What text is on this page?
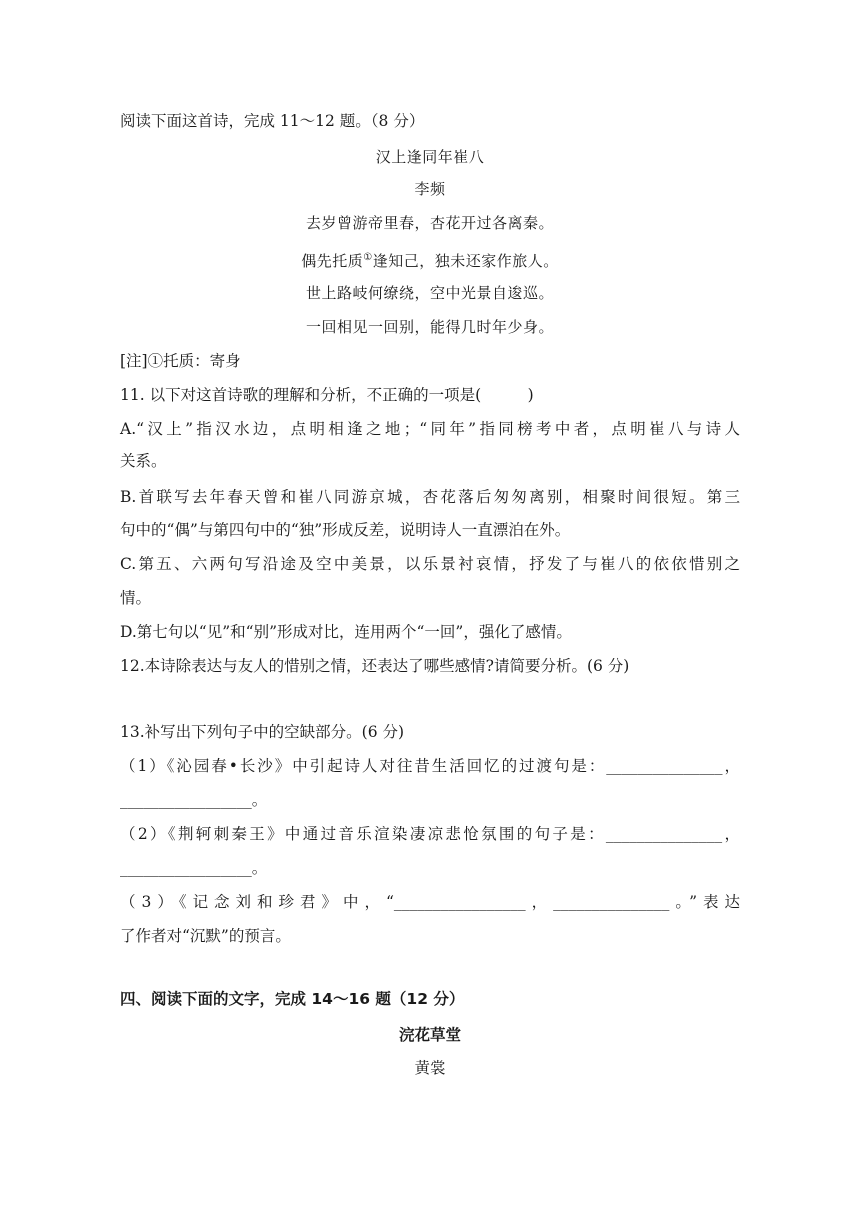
阅读下面这首诗，完成 11～12 题。（8 分）
汉上逢同年崔八
李频
去岁曾游帝里春，杏花开过各离秦。
偶先托质①逢知己，独未还家作旅人。
世上路岐何缭绕，空中光景自逡巡。
一回相见一回别，能得几时年少身。
[注]①托质：寄身
11. 以下对这首诗歌的理解和分析，不正确的一项是(　　　)
A.“汉上”指汉水边，点明相逢之地；“同年”指同榜考中者，点明崔八与诗人
关系。
B.首联写去年春天曾和崔八同游京城，杏花落后匆匆离别，相聚时间很短。第三
句中的“偶”与第四句中的“独”形成反差，说明诗人一直漂泊在外。
C.第五、六两句写沿途及空中美景，以乐景衬哀情，抒发了与崔八的依依惜别之
情。
D.第七句以“见”和“别”形成对比，连用两个“一回”，强化了感情。
12.本诗除表达与友人的惜别之情，还表达了哪些感情?请简要分析。(6 分)
13.补写出下列句子中的空缺部分。(6 分)
（1）《沁园春•长沙》中引起诗人对往昔生活回忆的过渡句是：_______________，
_________________。
（2）《荆轲刺秦王》中通过音乐渲染凄凉悲怆氛围的句子是：_______________，
_________________。
（3）《记念刘和珍君》中，“_________________，_______________。”表达
了作者对“沉默”的预言。
四、阅读下面的文字，完成 14～16 题（12 分）
浣花草堂
黄裳
